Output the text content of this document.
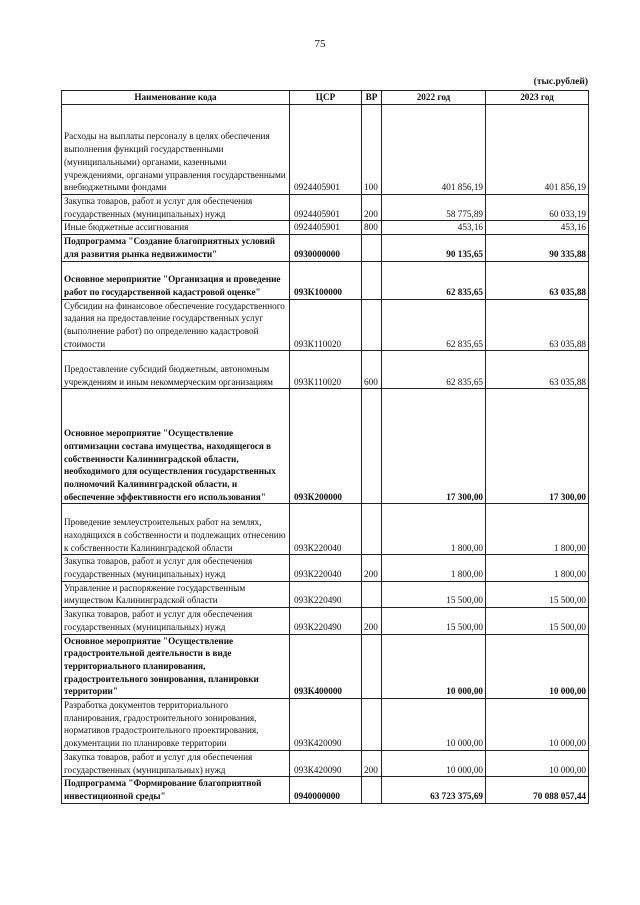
75
(тыс.рублей)
Наименование кода	ЦСР	ВР	2022 год	2023 год
Расходы на выплаты персоналу в целях обеспечения выполнения функций государственными (муниципальными) органами, казенными учреждениями, органами управления государственными внебюджетными фондами	0924405901	100	401 856,19	401 856,19
Закупка товаров, работ и услуг для обеспечения государственных (муниципальных) нужд	0924405901	200	58 775,89	60 033,19
Иные бюджетные ассигнования	0924405901	800	453,16	453,16
Подпрограмма "Создание благоприятных условий для развития рынка недвижимости"	0930000000		90 135,65	90 335,88
Основное мероприятие "Организация и проведение работ по государственной кадастровой оценке"	093К100000		62 835,65	63 035,88
Субсидии на финансовое обеспечение государственного задания на предоставление государственных услуг (выполнение работ) по определению кадастровой стоимости	093К110020		62 835,65	63 035,88
Предоставление субсидий бюджетным, автономным учреждениям и иным некоммерческим организациям	093К110020	600	62 835,65	63 035,88
Основное мероприятие "Осуществление оптимизации состава имущества, находящегося в собственности Калининградской области, необходимого для осуществления государственных полномочий Калининградской области, и обеспечение эффективности его использования"	093К200000		17 300,00	17 300,00
Проведение землеустроительных работ на землях, находящихся в собственности и подлежащих отнесению к собственности Калининградской области	093К220040		1 800,00	1 800,00
Закупка товаров, работ и услуг для обеспечения государственных (муниципальных) нужд	093К220040	200	1 800,00	1 800,00
Управление и распоряжение государственным имуществом Калининградской области	093К220490		15 500,00	15 500,00
Закупка товаров, работ и услуг для обеспечения государственных (муниципальных) нужд	093К220490	200	15 500,00	15 500,00
Основное мероприятие "Осуществление градостроительной деятельности в виде территориального планирования, градостроительного зонирования, планировки территории"	093К400000		10 000,00	10 000,00
Разработка документов территориального планирования, градостроительного зонирования, нормативов градостроительного проектирования, документации по планировке территории	093К420090		10 000,00	10 000,00
Закупка товаров, работ и услуг для обеспечения государственных (муниципальных) нужд	093К420090	200	10 000,00	10 000,00
Подпрограмма "Формирование благоприятной инвестиционной среды"	0940000000		63 723 375,69	70 088 057,44
